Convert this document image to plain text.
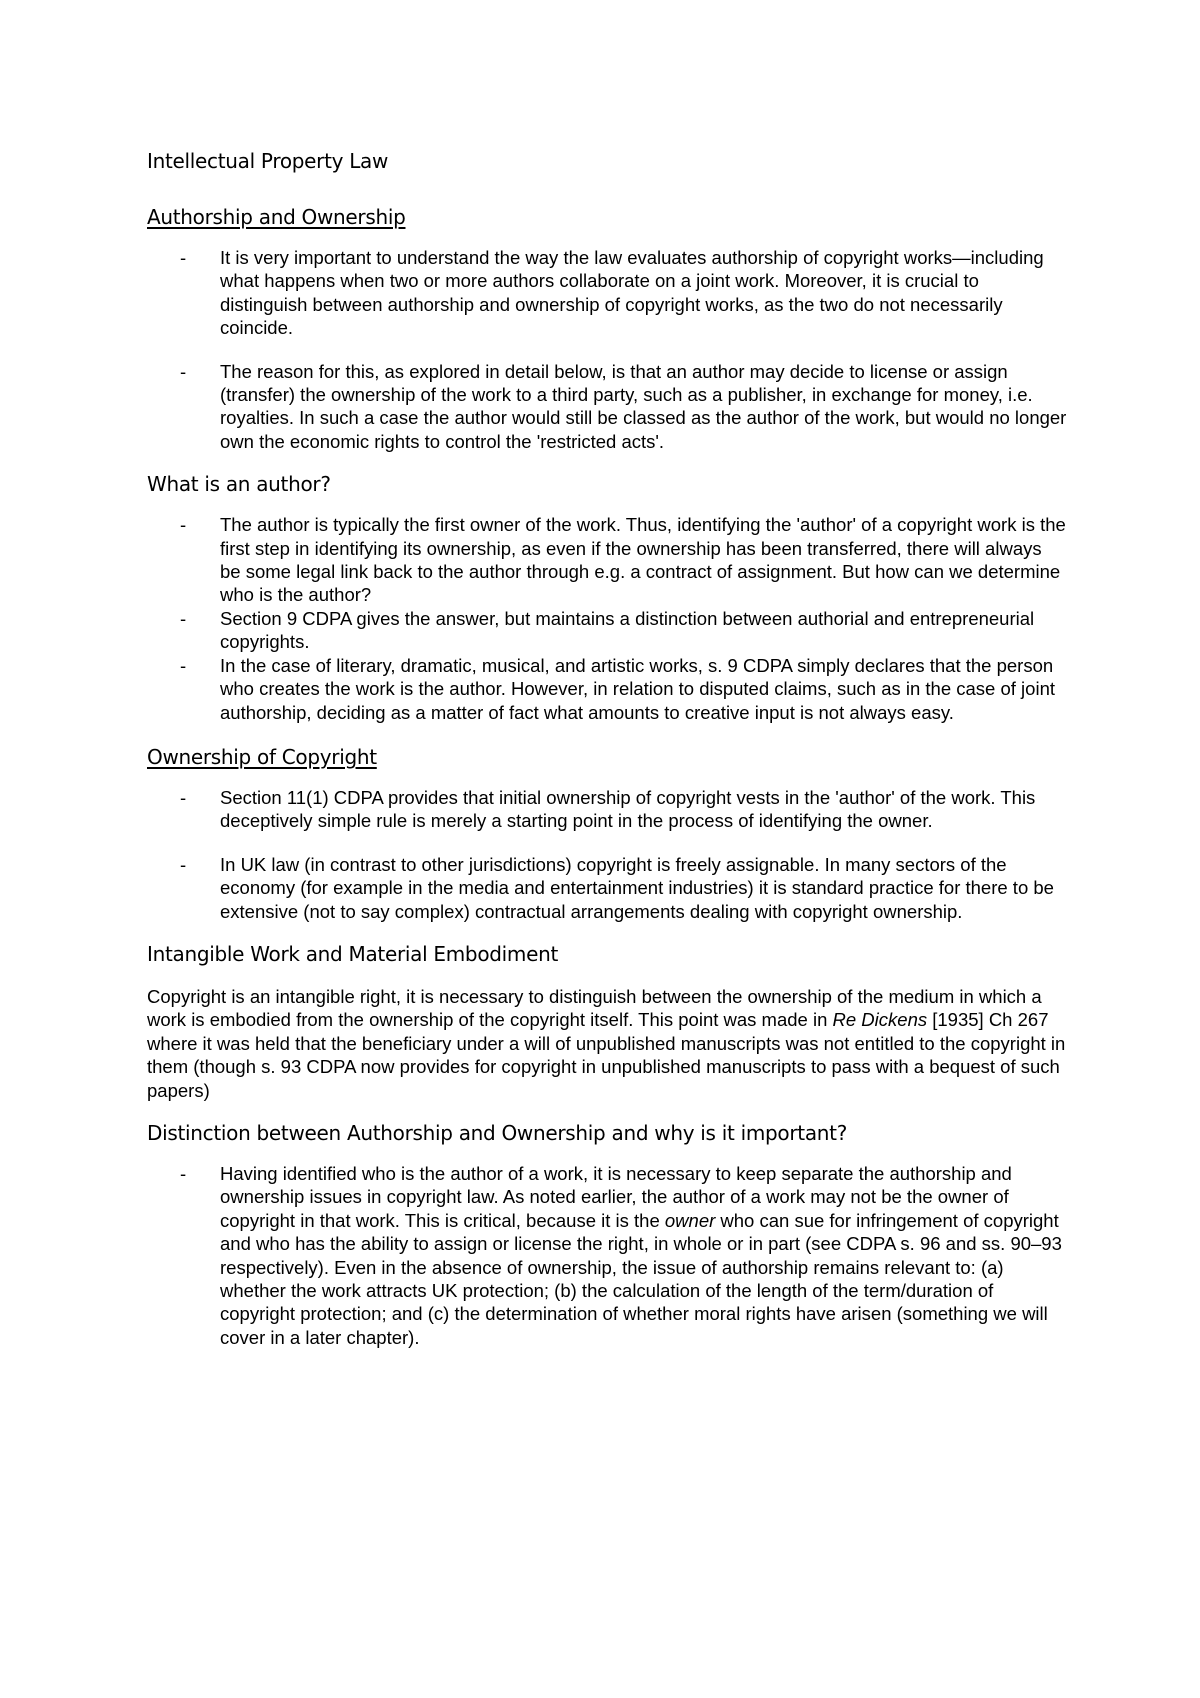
Intellectual Property Law
Authorship and Ownership
- It is very important to understand the way the law evaluates authorship of copyright works—including what happens when two or more authors collaborate on a joint work. Moreover, it is crucial to distinguish between authorship and ownership of copyright works, as the two do not necessarily coincide.
- The reason for this, as explored in detail below, is that an author may decide to license or assign (transfer) the ownership of the work to a third party, such as a publisher, in exchange for money, i.e. royalties. In such a case the author would still be classed as the author of the work, but would no longer own the economic rights to control the 'restricted acts'.
What is an author?
- The author is typically the first owner of the work. Thus, identifying the 'author' of a copyright work is the first step in identifying its ownership, as even if the ownership has been transferred, there will always be some legal link back to the author through e.g. a contract of assignment. But how can we determine who is the author?
- Section 9 CDPA gives the answer, but maintains a distinction between authorial and entrepreneurial copyrights.
- In the case of literary, dramatic, musical, and artistic works, s. 9 CDPA simply declares that the person who creates the work is the author. However, in relation to disputed claims, such as in the case of joint authorship, deciding as a matter of fact what amounts to creative input is not always easy.
Ownership of Copyright
- Section 11(1) CDPA provides that initial ownership of copyright vests in the 'author' of the work. This deceptively simple rule is merely a starting point in the process of identifying the owner.
- In UK law (in contrast to other jurisdictions) copyright is freely assignable. In many sectors of the economy (for example in the media and entertainment industries) it is standard practice for there to be extensive (not to say complex) contractual arrangements dealing with copyright ownership.
Intangible Work and Material Embodiment

Copyright is an intangible right, it is necessary to distinguish between the ownership of the medium in which a work is embodied from the ownership of the copyright itself. This point was made in Re Dickens [1935] Ch 267 where it was held that the beneficiary under a will of unpublished manuscripts was not entitled to the copyright in them (though s. 93 CDPA now provides for copyright in unpublished manuscripts to pass with a bequest of such papers)

Distinction between Authorship and Ownership and why is it important?
- Having identified who is the author of a work, it is necessary to keep separate the authorship and ownership issues in copyright law. As noted earlier, the author of a work may not be the owner of copyright in that work. This is critical, because it is the owner who can sue for infringement of copyright and who has the ability to assign or license the right, in whole or in part (see CDPA s. 96 and ss. 90–93 respectively). Even in the absence of ownership, the issue of authorship remains relevant to: (a) whether the work attracts UK protection; (b) the calculation of the length of the term/duration of copyright protection; and (c) the determination of whether moral rights have arisen (something we will cover in a later chapter).
